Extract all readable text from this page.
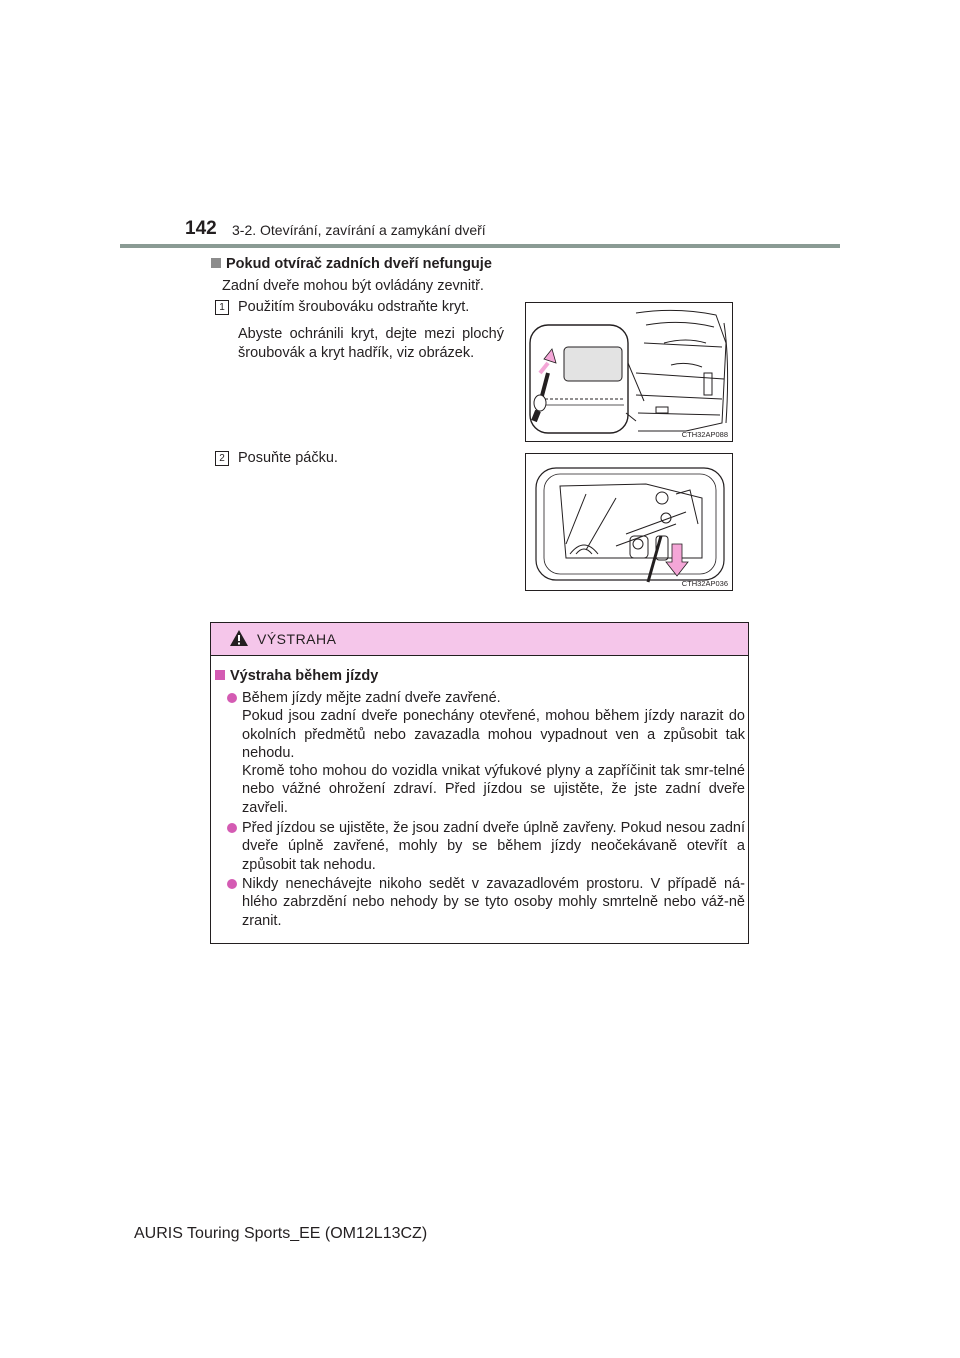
142 3-2. Otevírání, zavírání a zamykání dveří
Pokud otvírač zadních dveří nefunguje
Zadní dveře mohou být ovládány zevnitř.
1 Použitím šroubováku odstraňte kryt.
Abyste ochránili kryt, dejte mezi plochý šroubovák a kryt hadřík, viz obrázek.
CTH32AP088
2 Posuňte páčku.
CTH32AP036
VÝSTRAHA
Výstraha během jízdy
Během jízdy mějte zadní dveře zavřené.
Pokud jsou zadní dveře ponechány otevřené, mohou během jízdy narazit do okolních předmětů nebo zavazadla mohou vypadnout ven a způsobit tak nehodu.
Kromě toho mohou do vozidla vnikat výfukové plyny a zapříčinit tak smr-telné nebo vážné ohrožení zdraví. Před jízdou se ujistěte, že jste zadní dveře zavřeli.
Před jízdou se ujistěte, že jsou zadní dveře úplně zavřeny. Pokud nesou zadní dveře úplně zavřené, mohly by se během jízdy neočekávaně otevřít a způsobit tak nehodu.
Nikdy nenechávejte nikoho sedět v zavazadlovém prostoru. V případě ná-hlého zabrzdění nebo nehody by se tyto osoby mohly smrtelně nebo váž-ně zranit.
AURIS Touring Sports_EE (OM12L13CZ)
